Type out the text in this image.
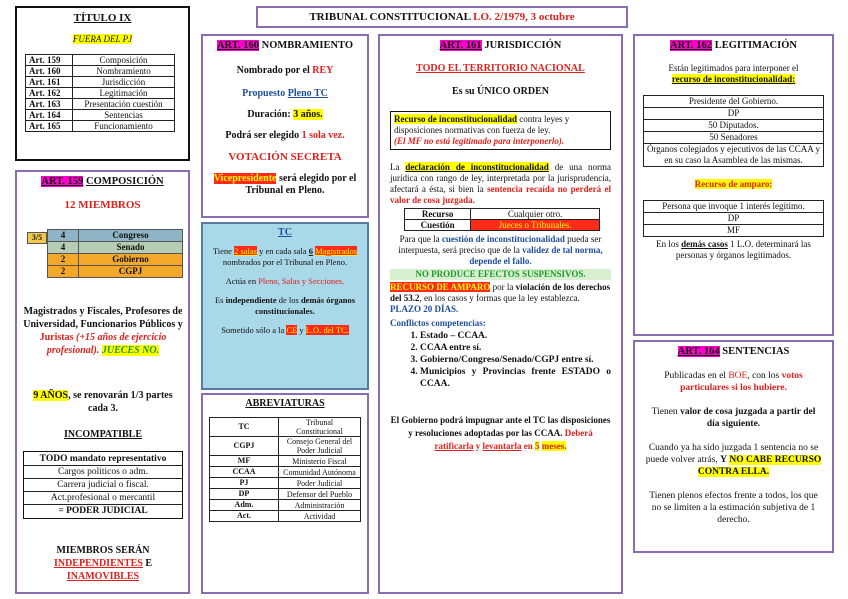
TRIBUNAL CONSTITUCIONAL LO. 2/1979, 3 octubre
TÍTULO IX
FUERA DEL PJ
Art. 159	Composición
Art. 160	Nombramiento
Art. 161	Jurisdicción
Art. 162	Legitimación
Art. 163	Presentación cuestión
Art. 164	Sentencias
Art. 165	Funcionamiento
ART. 159 COMPOSICIÓN
12 MIEMBROS
3/5	4	Congreso
4	Senado
2	Gobierno
2	CGPJ
Magistrados y Fiscales, Profesores de Universidad, Funcionarios Públicos y Juristas (+15 años de ejercicio profesional). JUECES NO.
9 AÑOS, se renovarán 1/3 partes cada 3.
INCOMPATIBLE
TODO mandato representativo
Cargos políticos o adm.
Carrera judicial o fiscal.
Act.profesional o mercantil
= PODER JUDICIAL
MIEMBROS SERÁN
INDEPENDIENTES E
INAMOVIBLES
ART. 160 NOMBRAMIENTO
Nombrado por el REY
Propuesto Pleno TC
Duración: 3 años.
Podrá ser elegido 1 sola vez.
VOTACIÓN SECRETA
Vicepresidente será elegido por el Tribunal en Pleno.
TC
Tiene 2 salas y en cada sala 6 Magistrados nombrados por el Tribunal en Pleno.
Actúa en Pleno, Salas y Secciones.
Es independiente de los demás órganos constitucionales.
Sometido sólo a la CE y L.O. del TC.
ABREVIATURAS
TC	Tribunal Constitucional
CGPJ	Consejo General del Poder Judicial
MF	Ministerio Fiscal
CCAA	Comunidad Autónoma
PJ	Poder Judicial
DP	Defensor del Pueblo
Adm.	Administración
Act.	Actividad
ART. 161 JURISDICCIÓN
TODO EL TERRITORIO NACIONAL
Es su ÚNICO ORDEN
Recurso de inconstitucionalidad contra leyes y disposiciones normativas con fuerza de ley.
(El MF no está legitimado para interponerlo).
La declaración de inconstitucionalidad de una norma jurídica con rango de ley, interpretada por la jurisprudencia, afectará a ésta, si bien la sentencia recaída no perderá el valor de cosa juzgada.
Recurso	Cualquier otro.
Cuestión	Jueces o Tribunales.
Para que la cuestión de inconstitucionalidad pueda ser interpuesta, será preciso que de la validez de tal norma, depende el fallo.
NO PRODUCE EFECTOS SUSPENSIVOS.
RECURSO DE AMPARO por la violación de los derechos del 53.2, en los casos y formas que la ley establezca. PLAZO 20 DÍAS.
Conflictos competencias:
1. Estado – CCAA.
2. CCAA entre sí.
3. Gobierno/Congreso/Senado/CGPJ entre sí.
4. Municipios y Provincias frente ESTADO o CCAA.
El Gobierno podrá impugnar ante el TC las disposiciones y resoluciones adoptadas por las CCAA. Deberá ratificarla y levantarla en 5 meses.
ART. 162 LEGITIMACIÓN
Están legitimados para interponer el
recurso de inconstitucionalidad:
Presidente del Gobierno.
DP
50 Diputados.
50 Senadores
Órganos colegiados y ejecutivos de las CCAA y en su caso la Asamblea de las mismas.
Recurso de amparo:
Persona que invoque 1 interés legítimo.
DP
MF
En los demás casos 1 L.O. determinará las personas y órganos legitimados.
ART. 164 SENTENCIAS
Publicadas en el BOE, con los votos particulares si los hubiere.
Tienen valor de cosa juzgada a partir del día siguiente.
Cuando ya ha sido juzgada 1 sentencia no se puede volver atrás, Y NO CABE RECURSO CONTRA ELLA.
Tienen plenos efectos frente a todos, los que no se limiten a la estimación subjetiva de 1 derecho.
